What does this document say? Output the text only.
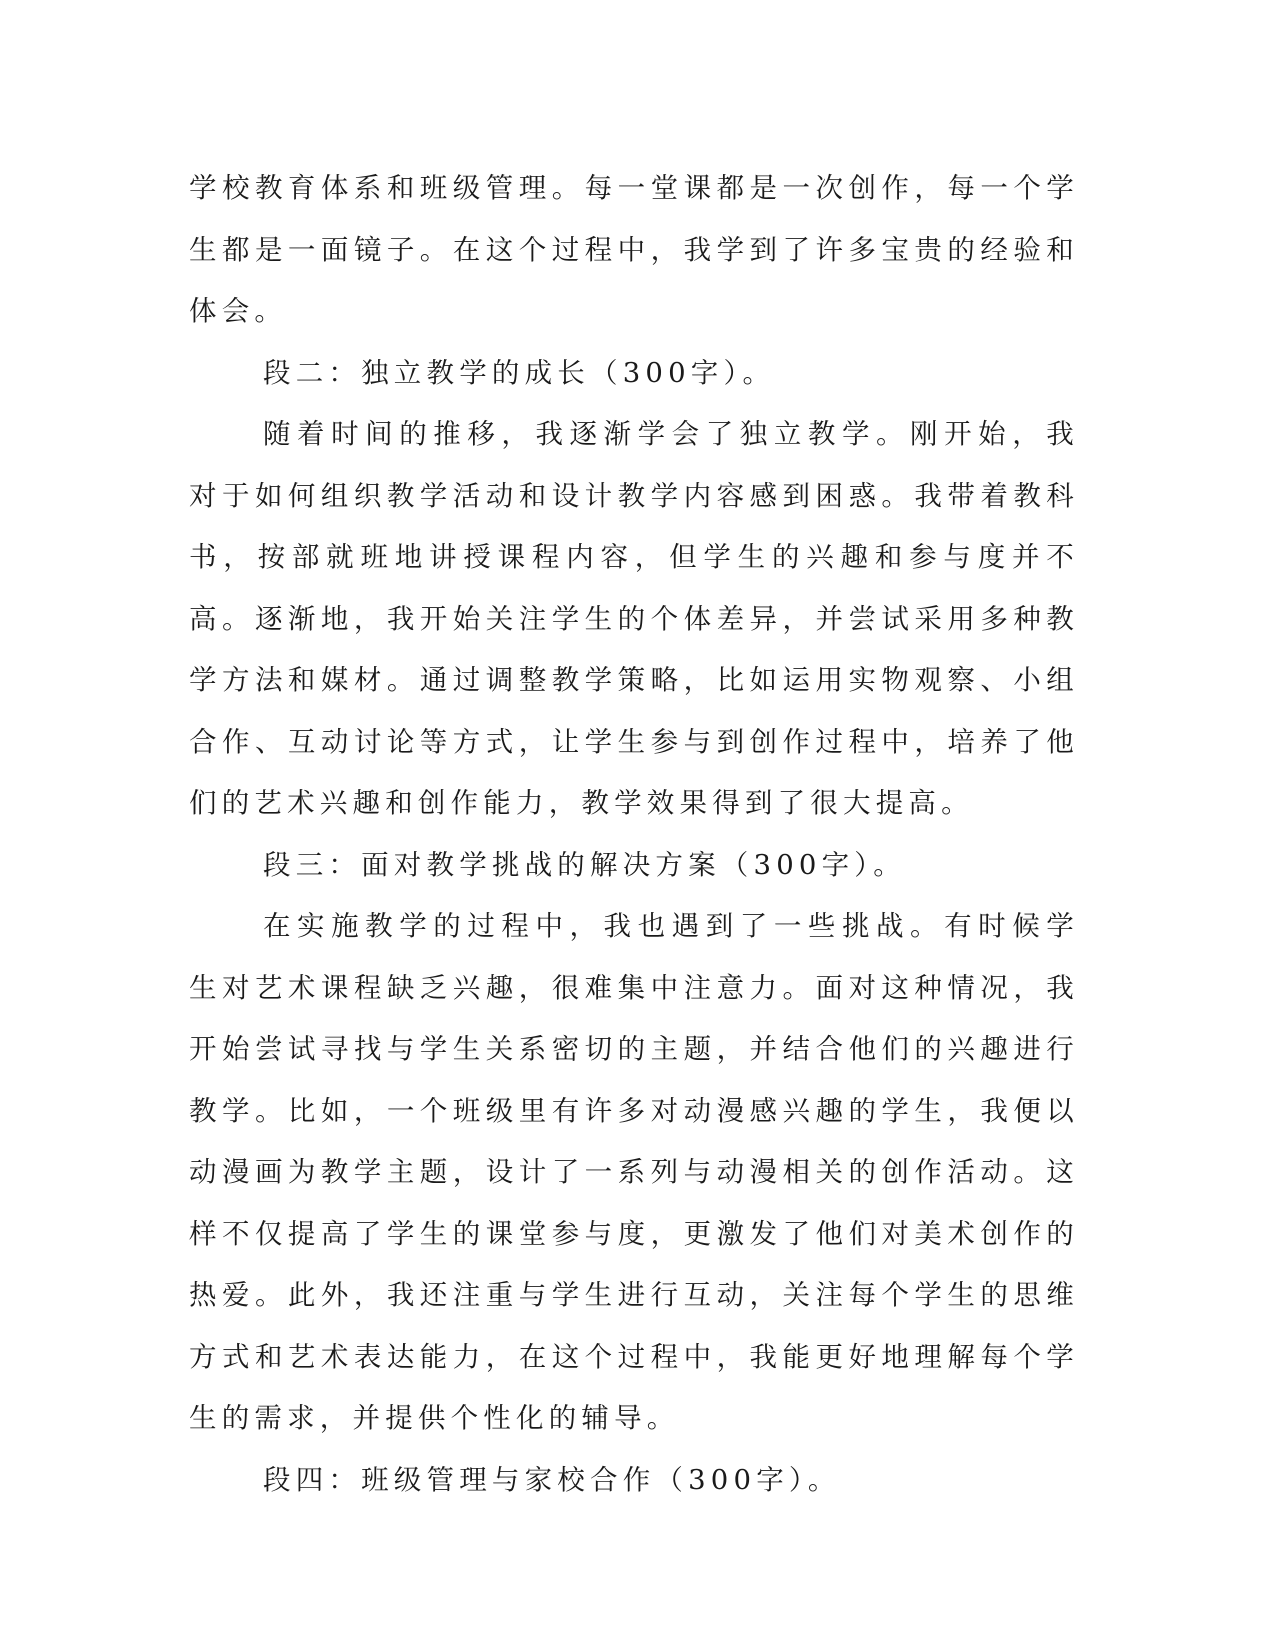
学校教育体系和班级管理。每一堂课都是一次创作，每一个学生都是一面镜子。在这个过程中，我学到了许多宝贵的经验和体会。

段二：独立教学的成长（300字）。

随着时间的推移，我逐渐学会了独立教学。刚开始，我对于如何组织教学活动和设计教学内容感到困惑。我带着教科书，按部就班地讲授课程内容，但学生的兴趣和参与度并不高。逐渐地，我开始关注学生的个体差异，并尝试采用多种教学方法和媒材。通过调整教学策略，比如运用实物观察、小组合作、互动讨论等方式，让学生参与到创作过程中，培养了他们的艺术兴趣和创作能力，教学效果得到了很大提高。

段三：面对教学挑战的解决方案（300字）。

在实施教学的过程中，我也遇到了一些挑战。有时候学生对艺术课程缺乏兴趣，很难集中注意力。面对这种情况，我开始尝试寻找与学生关系密切的主题，并结合他们的兴趣进行教学。比如，一个班级里有许多对动漫感兴趣的学生，我便以动漫画为教学主题，设计了一系列与动漫相关的创作活动。这样不仅提高了学生的课堂参与度，更激发了他们对美术创作的热爱。此外，我还注重与学生进行互动，关注每个学生的思维方式和艺术表达能力，在这个过程中，我能更好地理解每个学生的需求，并提供个性化的辅导。

段四：班级管理与家校合作（300字）。
